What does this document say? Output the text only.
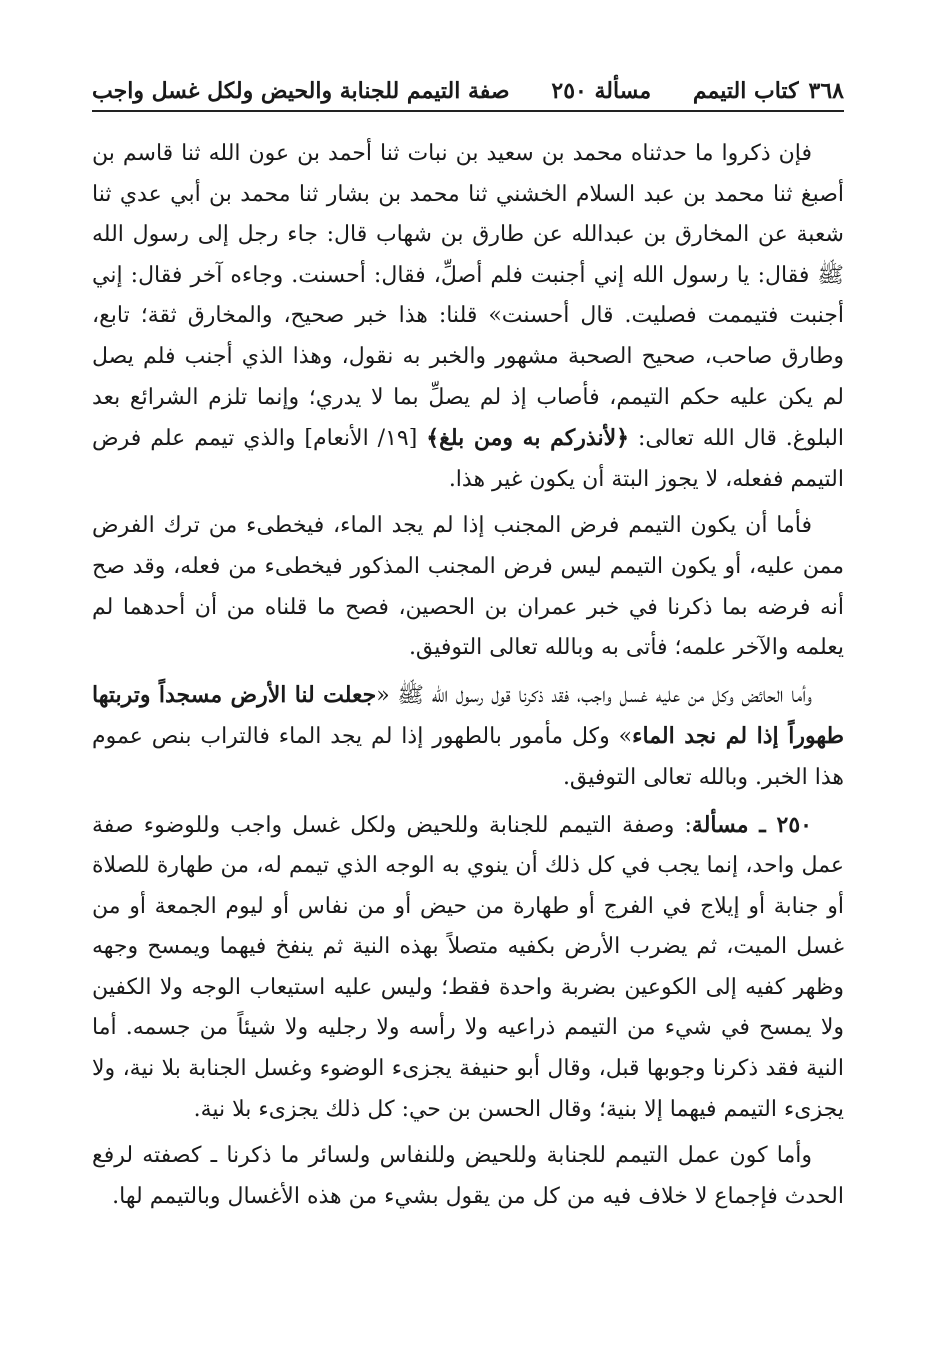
٣٦٨
كتاب التيمم
مسألة ٢٥٠
صفة التيمم للجنابة والحيض ولكل غسل واجب

فإن ذكروا ما حدثناه محمد بن سعيد بن نبات ثنا أحمد بن عون الله ثنا قاسم بن أصبغ ثنا محمد بن عبد السلام الخشني ثنا محمد بن بشار ثنا محمد بن أبي عدي ثنا شعبة عن المخارق بن عبدالله عن طارق بن شهاب قال: جاء رجل إلى رسول الله ﷺ فقال: يا رسول الله إني أجنبت فلم أصلِّ، فقال: أحسنت. وجاءه آخر فقال: إني أجنبت فتيممت فصليت. قال أحسنت» قلنا: هذا خبر صحيح، والمخارق ثقة؛ تابع، وطارق صاحب، صحيح الصحبة مشهور والخبر به نقول، وهذا الذي أجنب فلم يصل لم يكن عليه حكم التيمم، فأصاب إذ لم يصلِّ بما لا يدري؛ وإنما تلزم الشرائع بعد البلوغ. قال الله تعالى: ﴿لأنذركم به ومن بلغ﴾ [١٩/ الأنعام] والذي تيمم علم فرض التيمم ففعله، لا يجوز البتة أن يكون غير هذا.

فأما أن يكون التيمم فرض المجنب إذا لم يجد الماء، فيخطىء من ترك الفرض ممن عليه، أو يكون التيمم ليس فرض المجنب المذكور فيخطىء من فعله، وقد صح أنه فرضه بما ذكرنا في خبر عمران بن الحصين، فصح ما قلناه من أن أحدهما لم يعلمه والآخر علمه؛ فأتى به وبالله تعالى التوفيق.

وأما الحائض وكل من عليه غسل واجب، فقد ذكرنا قول رسول الله ﷺ «جعلت لنا الأرض مسجداً وتربتها طهوراً إذا لم نجد الماء» وكل مأمور بالطهور إذا لم يجد الماء فالتراب بنص عموم هذا الخبر. وبالله تعالى التوفيق.

٢٥٠ ـ مسألة: وصفة التيمم للجنابة وللحيض ولكل غسل واجب وللوضوء صفة عمل واحد، إنما يجب في كل ذلك أن ينوي به الوجه الذي تيمم له، من طهارة للصلاة أو جنابة أو إيلاج في الفرج أو طهارة من حيض أو من نفاس أو ليوم الجمعة أو من غسل الميت، ثم يضرب الأرض بكفيه متصلاً بهذه النية ثم ينفخ فيهما ويمسح وجهه وظهر كفيه إلى الكوعين بضربة واحدة فقط؛ وليس عليه استيعاب الوجه ولا الكفين ولا يمسح في شيء من التيمم ذراعيه ولا رأسه ولا رجليه ولا شيئاً من جسمه. أما النية فقد ذكرنا وجوبها قبل، وقال أبو حنيفة يجزىء الوضوء وغسل الجنابة بلا نية، ولا يجزىء التيمم فيهما إلا بنية؛ وقال الحسن بن حي: كل ذلك يجزىء بلا نية.

وأما كون عمل التيمم للجنابة وللحيض وللنفاس ولسائر ما ذكرنا ـ كصفته لرفع الحدث فإجماع لا خلاف فيه من كل من يقول بشيء من هذه الأغسال وبالتيمم لها.
